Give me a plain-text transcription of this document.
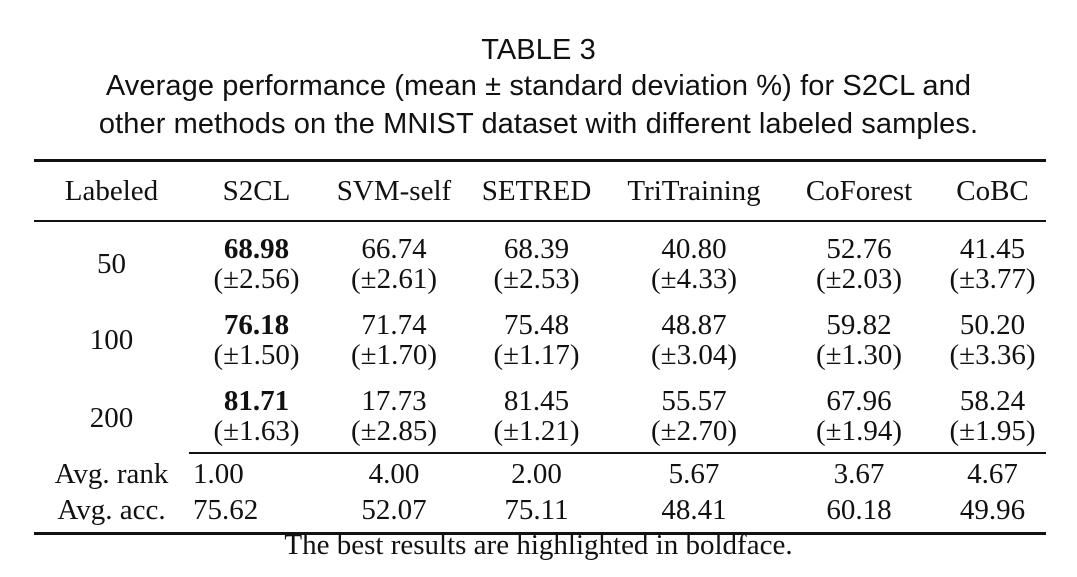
TABLE 3
Average performance (mean ± standard deviation %) for S2CL and
other methods on the MNIST dataset with different labeled samples.
Labeled	S2CL	SVM-self	SETRED	TriTraining	CoForest	CoBC
50	68.98	66.74	68.39	40.80	52.76	41.45
	(±2.56)	(±2.61)	(±2.53)	(±4.33)	(±2.03)	(±3.77)
100	76.18	71.74	75.48	48.87	59.82	50.20
	(±1.50)	(±1.70)	(±1.17)	(±3.04)	(±1.30)	(±3.36)
200	81.71	17.73	81.45	55.57	67.96	58.24
	(±1.63)	(±2.85)	(±1.21)	(±2.70)	(±1.94)	(±1.95)
Avg. rank	1.00	4.00	2.00	5.67	3.67	4.67
Avg. acc.	75.62	52.07	75.11	48.41	60.18	49.96
The best results are highlighted in boldface.
